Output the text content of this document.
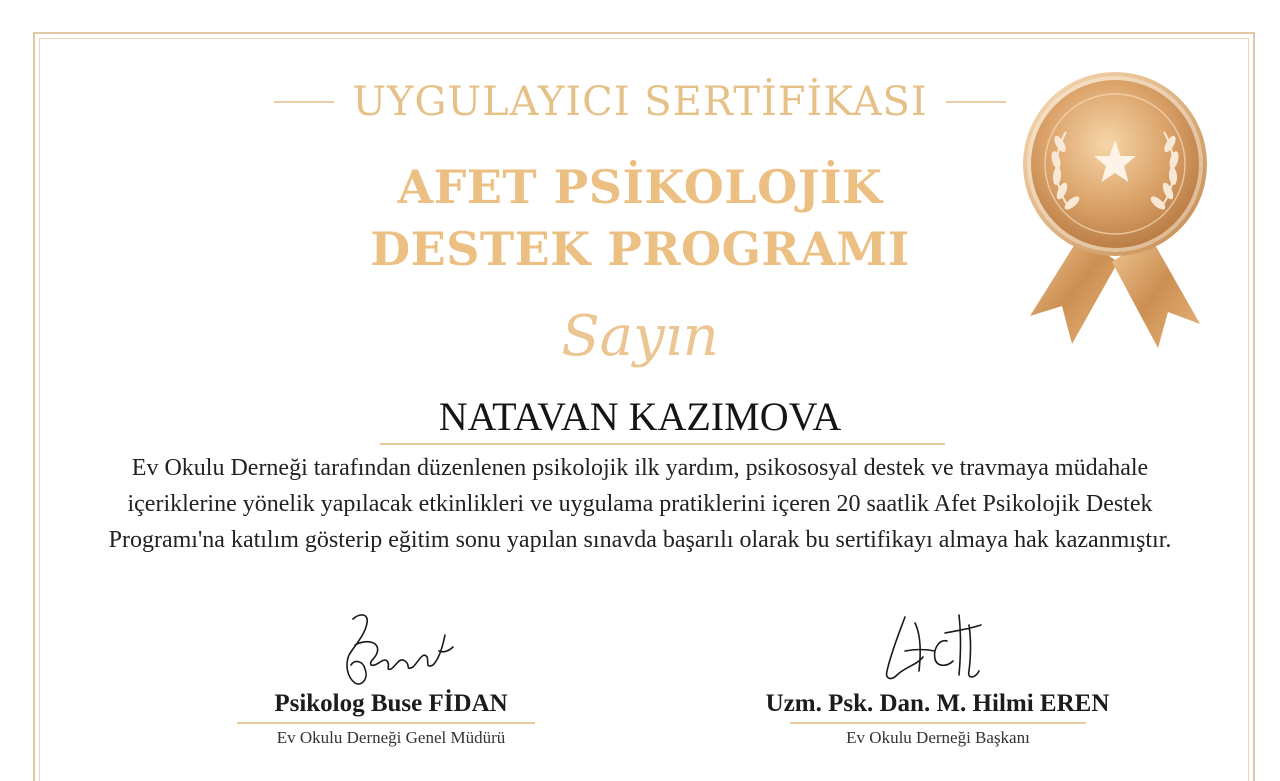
UYGULAYICI SERTİFİKASI
AFET PSİKOLOJİK
DESTEK PROGRAMI
Sayın
NATAVAN KAZIMOVA
Ev Okulu Derneği tarafından düzenlenen psikolojik ilk yardım, psikososyal destek ve travmaya müdahale içeriklerine yönelik yapılacak etkinlikleri ve uygulama pratiklerini içeren 20 saatlik Afet Psikolojik Destek Programı'na katılım gösterip eğitim sonu yapılan sınavda başarılı olarak bu sertifikayı almaya hak kazanmıştır.
Psikolog Buse FİDAN
Ev Okulu Derneği Genel Müdürü
Uzm. Psk. Dan. M. Hilmi EREN
Ev Okulu Derneği Başkanı
